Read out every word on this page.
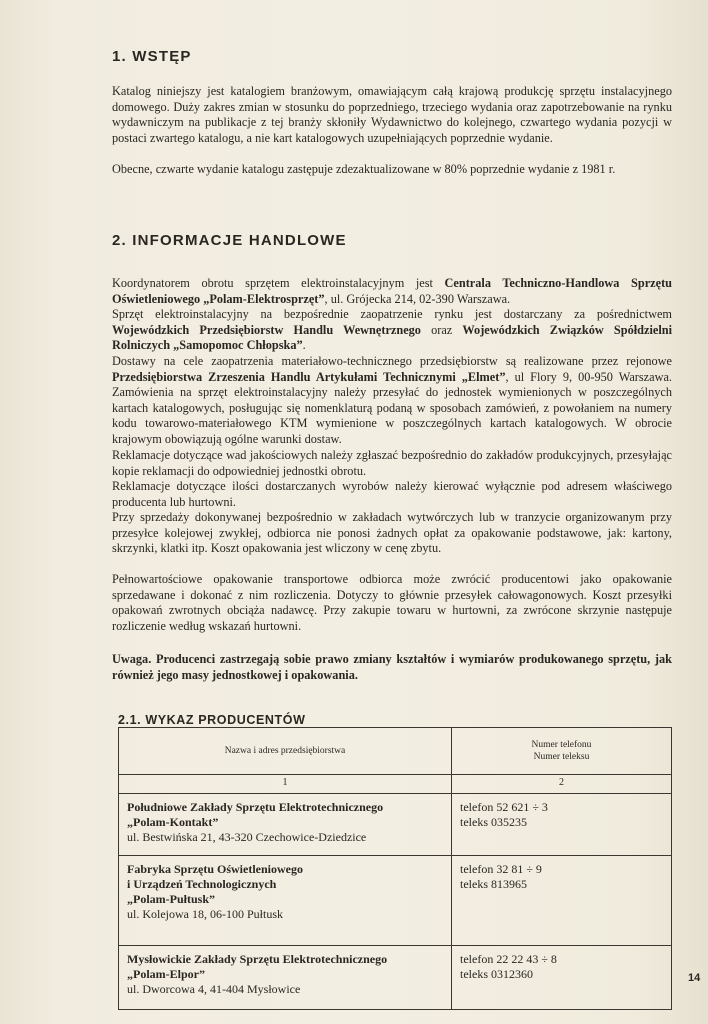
1. WSTĘP

Katalog niniejszy jest katalogiem branżowym, omawiającym całą krajową produkcję sprzętu instalacyjnego domowego. Duży zakres zmian w stosunku do poprzedniego, trzeciego wydania oraz zapotrzebowanie na rynku wydawniczym na publikacje z tej branży skłoniły Wydawnictwo do kolejnego, czwartego wydania pozycji w postaci zwartego katalogu, a nie kart katalogowych uzupełniających poprzednie wydanie.

Obecne, czwarte wydanie katalogu zastępuje zdezaktualizowane w 80% poprzednie wydanie z 1981 r.

2. INFORMACJE HANDLOWE

Koordynatorem obrotu sprzętem elektroinstalacyjnym jest Centrala Techniczno-Handlowa Sprzętu Oświetleniowego „Polam-Elektrosprzęt”, ul. Grójecka 214, 02-390 Warszawa.

Sprzęt elektroinstalacyjny na bezpośrednie zaopatrzenie rynku jest dostarczany za pośrednictwem Wojewódzkich Przedsiębiorstw Handlu Wewnętrznego oraz Wojewódzkich Związków Spółdzielni Rolniczych „Samopomoc Chłopska”.

Dostawy na cele zaopatrzenia materiałowo-technicznego przedsiębiorstw są realizowane przez rejonowe Przedsiębiorstwa Zrzeszenia Handlu Artykułami Technicznymi „Elmet”, ul Flory 9, 00-950 Warszawa. Zamówienia na sprzęt elektroinstalacyjny należy przesyłać do jednostek wymienionych w poszczególnych kartach katalogowych, posługując się nomenklaturą podaną w sposobach zamówień, z powołaniem na numery kodu towarowo-materiałowego KTM wymienione w poszczególnych kartach katalogowych. W obrocie krajowym obowiązują ogólne warunki dostaw.

Reklamacje dotyczące wad jakościowych należy zgłaszać bezpośrednio do zakładów produkcyjnych, przesyłając kopie reklamacji do odpowiedniej jednostki obrotu.

Reklamacje dotyczące ilości dostarczanych wyrobów należy kierować wyłącznie pod adresem właściwego producenta lub hurtowni.

Przy sprzedaży dokonywanej bezpośrednio w zakładach wytwórczych lub w tranzycie organizowanym przy przesyłce kolejowej zwykłej, odbiorca nie ponosi żadnych opłat za opakowanie podstawowe, jak: kartony, skrzynki, klatki itp. Koszt opakowania jest wliczony w cenę zbytu.

Pełnowartościowe opakowanie transportowe odbiorca może zwrócić producentowi jako opakowanie sprzedawane i dokonać z nim rozliczenia. Dotyczy to głównie przesyłek całowagonowych. Koszt przesyłki opakowań zwrotnych obciąża nadawcę. Przy zakupie towaru w hurtowni, za zwrócone skrzynie następuje rozliczenie według wskazań hurtowni.

Uwaga. Producenci zastrzegają sobie prawo zmiany kształtów i wymiarów produkowanego sprzętu, jak również jego masy jednostkowej i opakowania.

2.1. WYKAZ PRODUCENTÓW
Nazwa i adres przedsiębiorstwa	Numer telefonu
Numer teleksu

1	2

Południowe Zakłady Sprzętu Elektrotechnicznego
„Polam-Kontakt”
ul. Bestwińska 21, 43-320 Czechowice-Dziedzice	telefon 52 621 ÷ 3
teleks 035235

Fabryka Sprzętu Oświetleniowego
i Urządzeń Technologicznych
„Polam-Pułtusk”
ul. Kolejowa 18, 06-100 Pułtusk	telefon 32 81 ÷ 9
teleks 813965

Mysłowickie Zakłady Sprzętu Elektrotechnicznego
„Polam-Elpor”
ul. Dworcowa 4, 41-404 Mysłowice	telefon 22 22 43 ÷ 8
teleks 0312360	14
